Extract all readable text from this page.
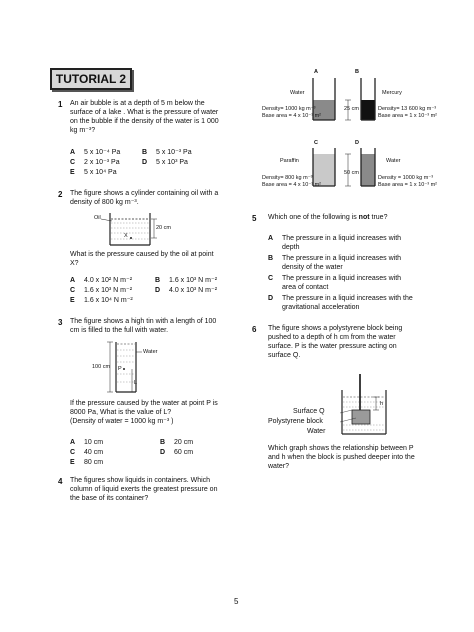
TUTORIAL 2
1 An air bubble is at a depth of 5 m below the
surface of a lake . What is the pressure of water
on the bubble if the density of the water is 1 000
kg m⁻³?
A 5 x 10⁻⁴ Pa	B 5 x 10⁻³ Pa
C 2 x 10⁻³ Pa	D 5 x 10³ Pa
E 5 x 10⁴ Pa
2 The figure shows a cylinder containing oil with a
density of 800 kg m⁻³.
Oil
20 cm
X
What is the pressure caused by the oil at point
X?
A 4.0 x 10² N m⁻²	B 1.6 x 10³ N m⁻²
C 1.6 x 10³ N m⁻²	D 4.0 x 10³ N m⁻²
E 1.6 x 10⁴ N m⁻²
3 The figure shows a high tin with a length of 100
cm is filled to the full with water.
Water
100 cm P
L
If the pressure caused by the water at point P is
8000 Pa, What is the value of L?
(Density of water = 1000 kg m⁻³ )
A 10 cm	B 20 cm
C 40 cm	D 60 cm
E 80 cm
4 The figures show liquids in containers. Which
column of liquid exerts the greatest pressure on
the base of its container?
A	B
Water	Mercury
Density= 1000 kg m⁻³
Base area = 4 x 10⁻³ m²
25 cm	Density= 13 600 kg m⁻³
Base area = 1 x 10⁻³ m²
C	D
Paraffin	Water
50 cm
Density= 800 kg m⁻³
Base area = 4 x 10⁻³ m²
Density = 1000 kg m⁻³
Base area = 1 x 10⁻³ m²
5 Which one of the following is not true?
A	The pressure in a liquid increases with
depth
B	The pressure in a liquid increases with
density of the water
C	The pressure in a liquid increases with
area of contact
D	The pressure in a liquid increases with the
gravitational acceleration
6 The figure shows a polystyrene block being
pushed to a depth of h cm from the water
surface. P is the water pressure acting on
surface Q.
Surface Q
Polystyrene block
Water
h
Which graph shows the relationship between P
and h when the block is pushed deeper into the
water?
5
